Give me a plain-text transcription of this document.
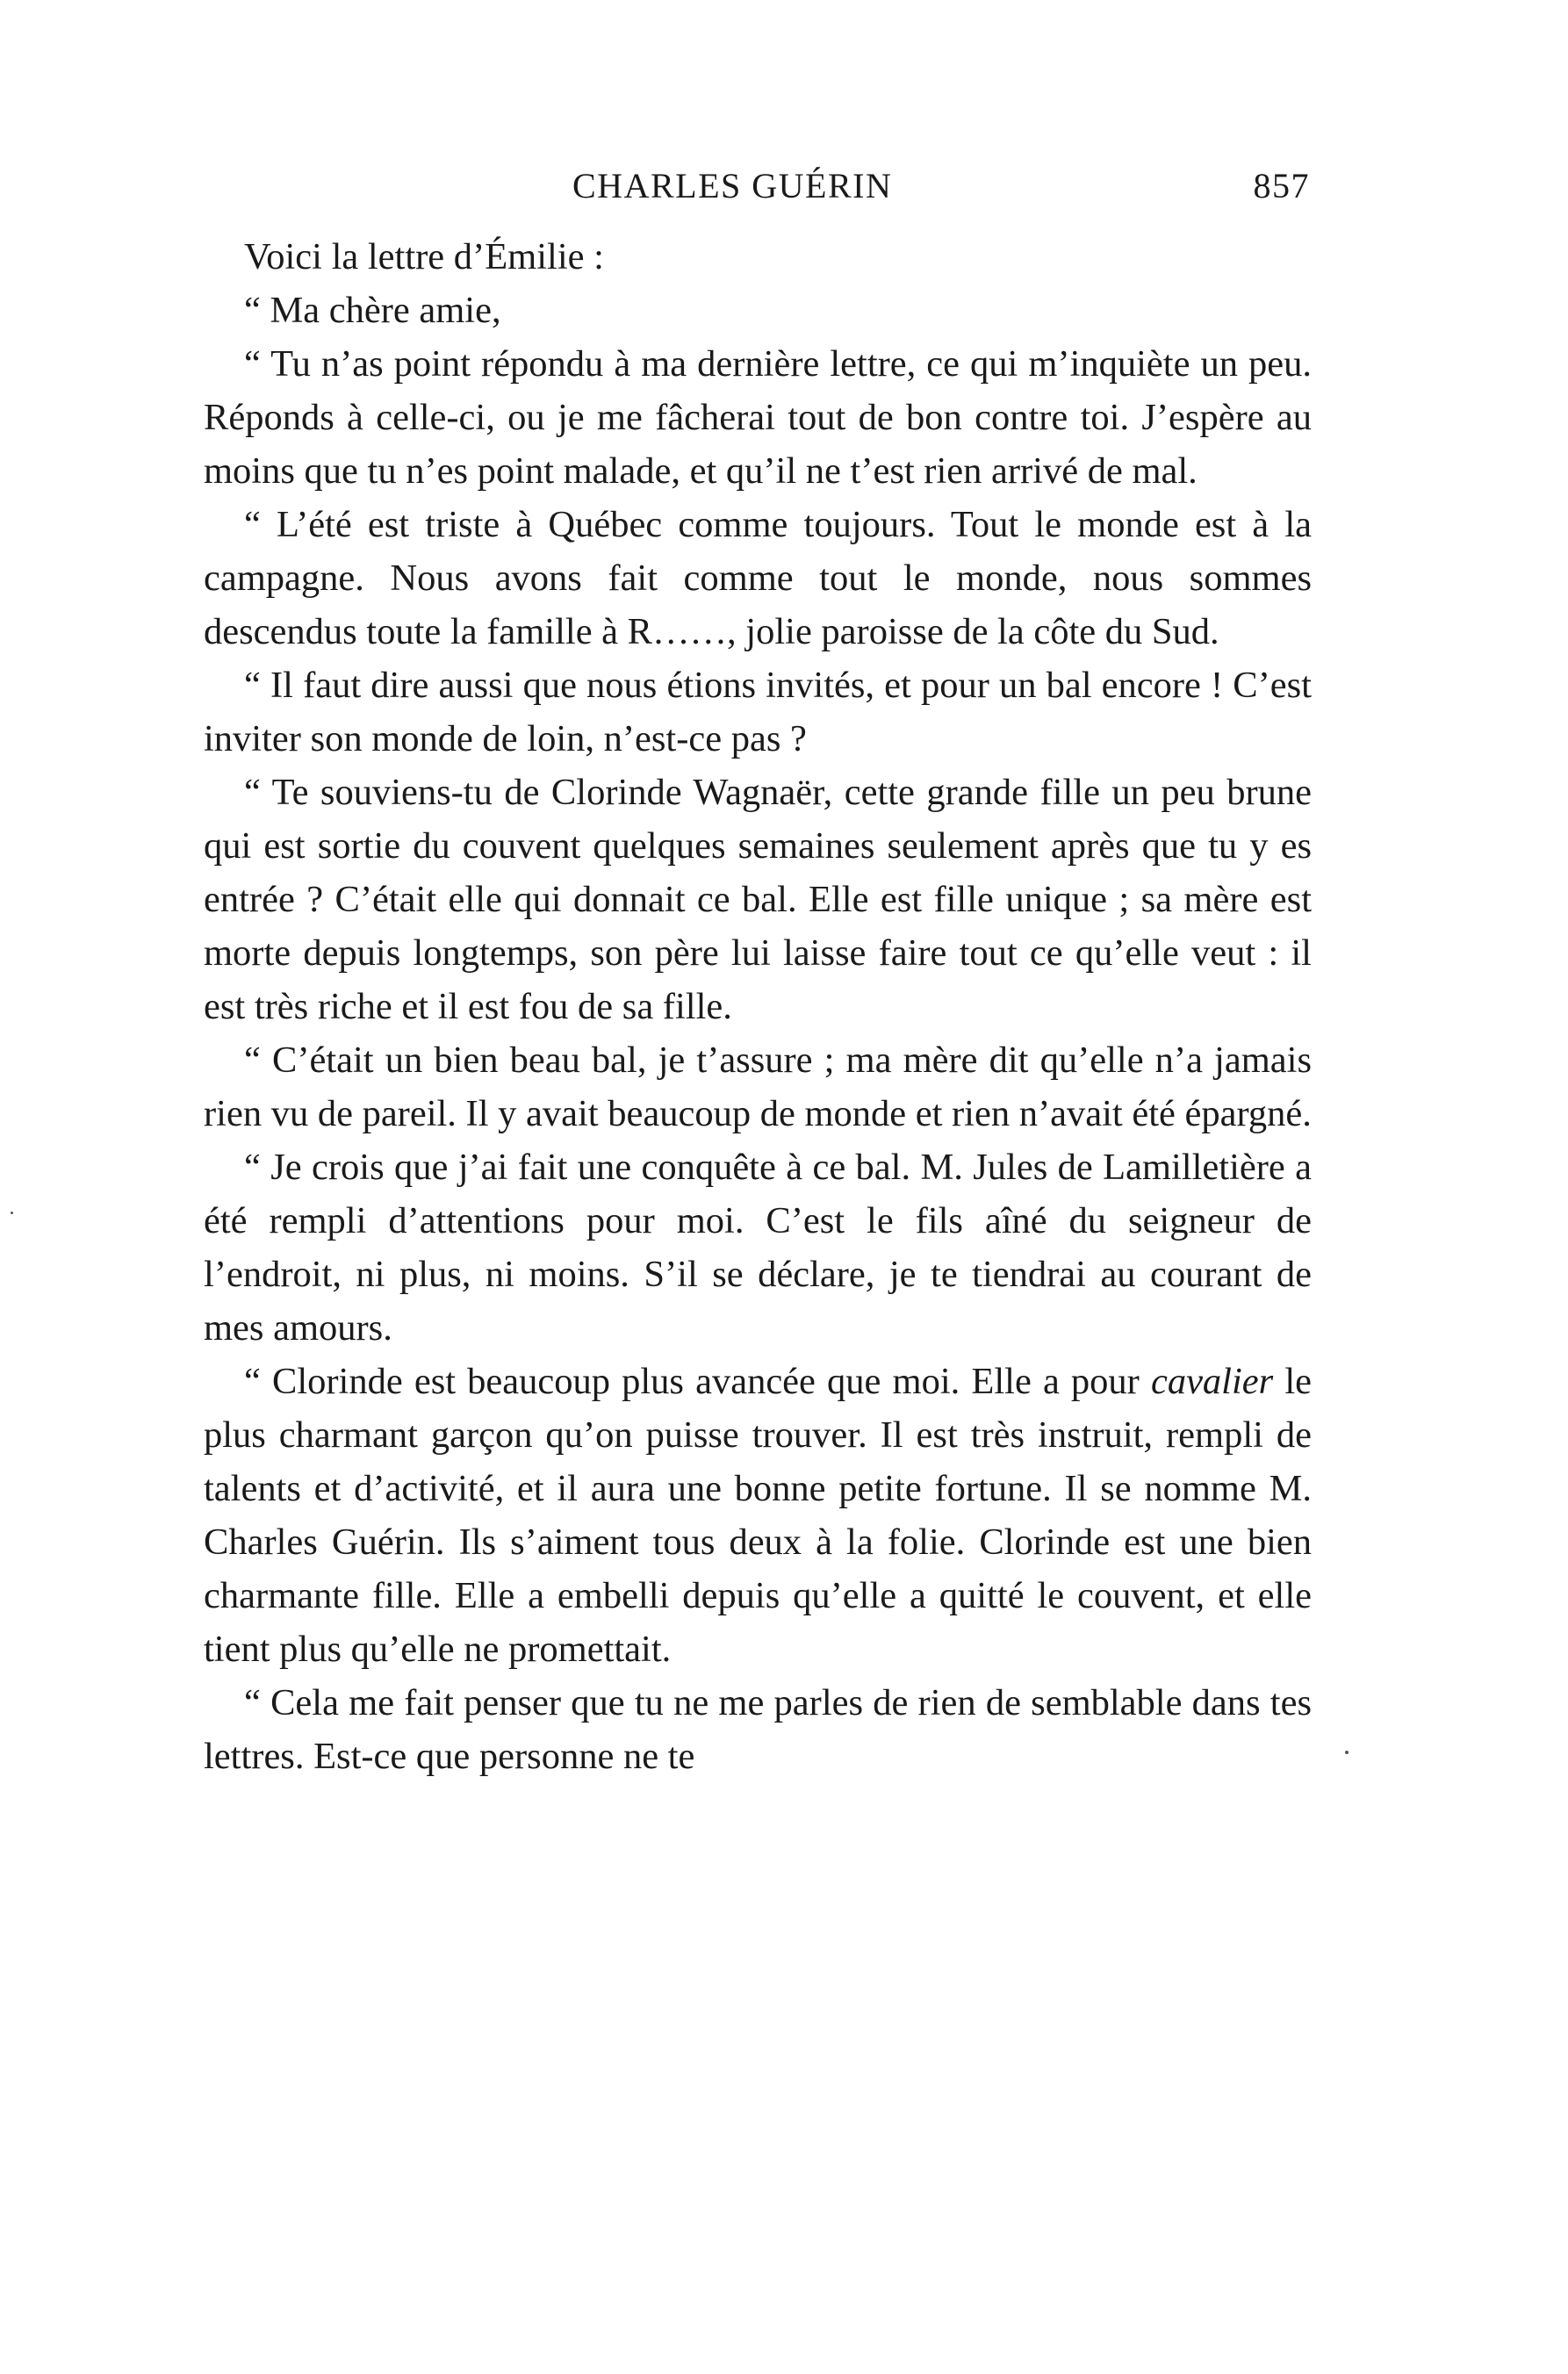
CHARLES GUÉRIN	857

Voici la lettre d’Émilie :

“ Ma chère amie,

“ Tu n’as point répondu à ma dernière lettre, ce qui m’inquiète un peu. Réponds à celle-ci, ou je me fâcherai tout de bon contre toi. J’espère au moins que tu n’es point malade, et qu’il ne t’est rien arrivé de mal.

“ L’été est triste à Québec comme toujours. Tout le monde est à la campagne. Nous avons fait comme tout le monde, nous sommes descendus toute la famille à R……, jolie paroisse de la côte du Sud.

“ Il faut dire aussi que nous étions invités, et pour un bal encore ! C’est inviter son monde de loin, n’est-ce pas ?

“ Te souviens-tu de Clorinde Wagnaër, cette grande fille un peu brune qui est sortie du couvent quelques semaines seulement après que tu y es entrée ? C’était elle qui donnait ce bal. Elle est fille unique ; sa mère est morte depuis longtemps, son père lui laisse faire tout ce qu’elle veut : il est très riche et il est fou de sa fille.

“ C’était un bien beau bal, je t’assure ; ma mère dit qu’elle n’a jamais rien vu de pareil. Il y avait beaucoup de monde et rien n’avait été épargné.

“ Je crois que j’ai fait une conquête à ce bal. M. Jules de Lamilletière a été rempli d’attentions pour moi. C’est le fils aîné du seigneur de l’endroit, ni plus, ni moins. S’il se déclare, je te tiendrai au courant de mes amours.

“ Clorinde est beaucoup plus avancée que moi. Elle a pour cavalier le plus charmant garçon qu’on puisse trouver. Il est très instruit, rempli de talents et d’activité, et il aura une bonne petite fortune. Il se nomme M. Charles Guérin. Ils s’aiment tous deux à la folie. Clorinde est une bien charmante fille. Elle a embelli depuis qu’elle a quitté le couvent, et elle tient plus qu’elle ne promettait.

“ Cela me fait penser que tu ne me parles de rien de semblable dans tes lettres. Est-ce que personne ne te
